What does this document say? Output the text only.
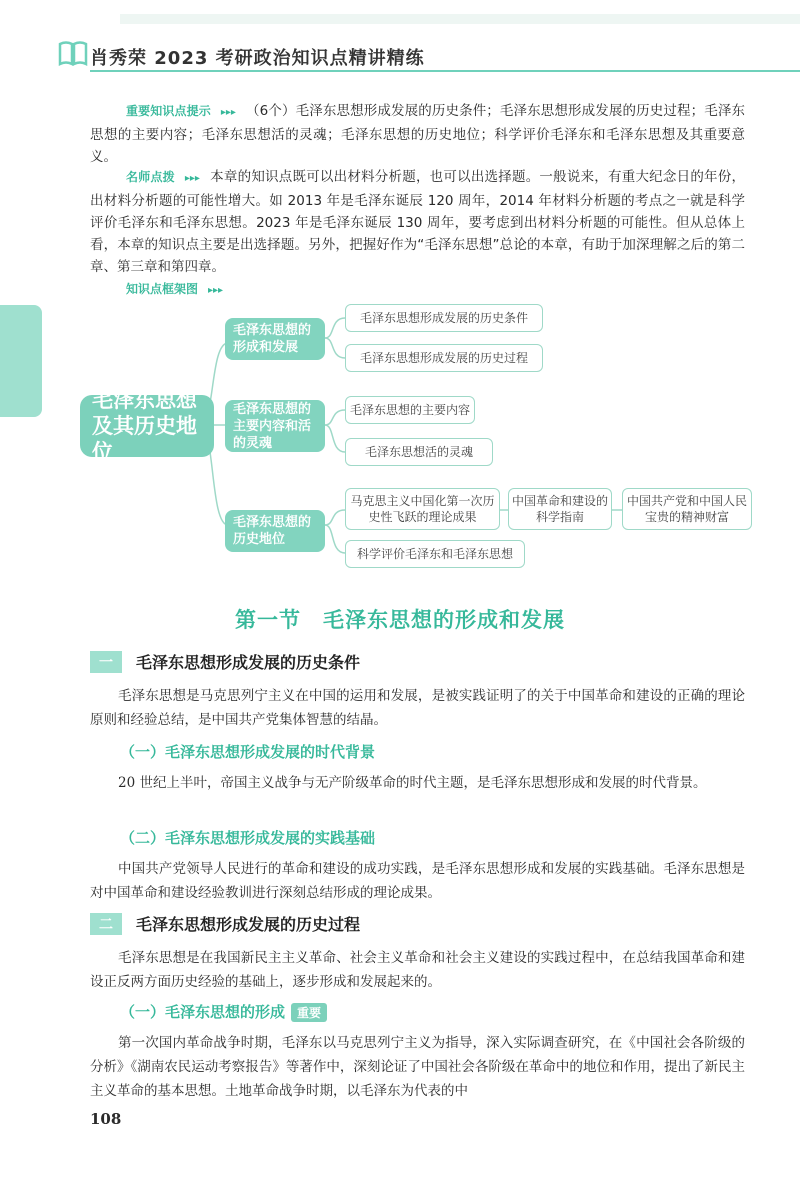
肖秀荣 2023 考研政治知识点精讲精练
重要知识点提示 ▸▸▸ （6个）毛泽东思想形成发展的历史条件；毛泽东思想形成发展的历史过程；毛泽东思想的主要内容；毛泽东思想活的灵魂；毛泽东思想的历史地位；科学评价毛泽东和毛泽东思想及其重要意义。
名师点拨 ▸▸▸ 本章的知识点既可以出材料分析题，也可以出选择题。一般说来，有重大纪念日的年份，出材料分析题的可能性增大。如 2013 年是毛泽东诞辰 120 周年，2014 年材料分析题的考点之一就是科学评价毛泽东和毛泽东思想。2023 年是毛泽东诞辰 130 周年，要考虑到出材料分析题的可能性。但从总体上看，本章的知识点主要是出选择题。另外，把握好作为“毛泽东思想”总论的本章，有助于加深理解之后的第二章、第三章和第四章。
知识点框架图 ▸▸▸
毛泽东思想及其历史地位
毛泽东思想的形成和发展
毛泽东思想的主要内容和活的灵魂
毛泽东思想的历史地位
毛泽东思想形成发展的历史条件
毛泽东思想形成发展的历史过程
毛泽东思想的主要内容
毛泽东思想活的灵魂
马克思主义中国化第一次历史性飞跃的理论成果
中国革命和建设的科学指南
中国共产党和中国人民宝贵的精神财富
科学评价毛泽东和毛泽东思想
第一节　毛泽东思想的形成和发展
一	毛泽东思想形成发展的历史条件
毛泽东思想是马克思列宁主义在中国的运用和发展，是被实践证明了的关于中国革命和建设的正确的理论原则和经验总结，是中国共产党集体智慧的结晶。
（一）毛泽东思想形成发展的时代背景
20 世纪上半叶，帝国主义战争与无产阶级革命的时代主题，是毛泽东思想形成和发展的时代背景。
（二）毛泽东思想形成发展的实践基础
中国共产党领导人民进行的革命和建设的成功实践，是毛泽东思想形成和发展的实践基础。毛泽东思想是对中国革命和建设经验教训进行深刻总结形成的理论成果。
二	毛泽东思想形成发展的历史过程
毛泽东思想是在我国新民主主义革命、社会主义革命和社会主义建设的实践过程中，在总结我国革命和建设正反两方面历史经验的基础上，逐步形成和发展起来的。
（一）毛泽东思想的形成 重要
第一次国内革命战争时期，毛泽东以马克思列宁主义为指导，深入实际调查研究，在《中国社会各阶级的分析》《湖南农民运动考察报告》等著作中，深刻论证了中国社会各阶级在革命中的地位和作用，提出了新民主主义革命的基本思想。土地革命战争时期，以毛泽东为代表的中
108
